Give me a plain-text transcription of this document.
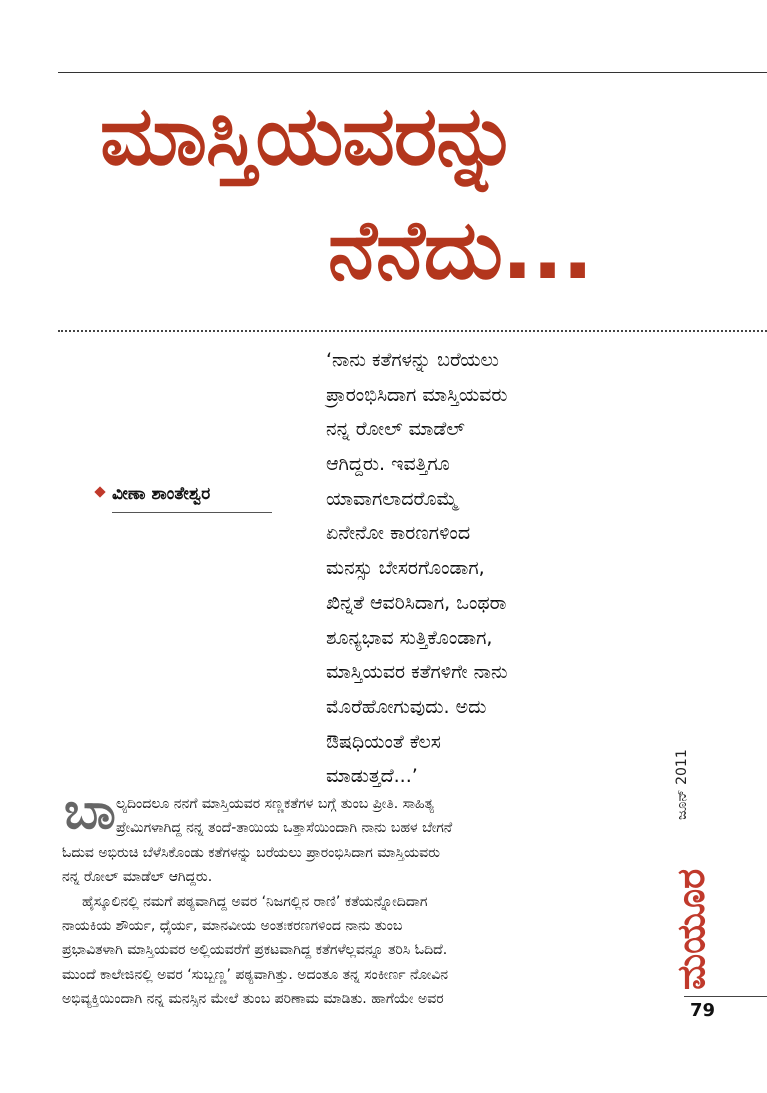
ಮಾಸ್ತಿಯವರನ್ನು
ನೆನೆದು...
ವೀಣಾ ಶಾಂತೇಶ್ವರ
‘ನಾನು ಕತೆಗಳನ್ನು ಬರೆಯಲು
ಪ್ರಾರಂಭಿಸಿದಾಗ ಮಾಸ್ತಿಯವರು
ನನ್ನ ರೋಲ್ ಮಾಡೆಲ್
ಆಗಿದ್ದರು. ಇವತ್ತಿಗೂ
ಯಾವಾಗಲಾದರೊಮ್ಮೆ
ಏನೇನೋ ಕಾರಣಗಳಿಂದ
ಮನಸ್ಸು ಬೇಸರಗೊಂಡಾಗ,
ಖಿನ್ನತೆ ಆವರಿಸಿದಾಗ, ಒಂಥರಾ
ಶೂನ್ಯಭಾವ ಸುತ್ತಿಕೊಂಡಾಗ,
ಮಾಸ್ತಿಯವರ ಕತೆಗಳಿಗೇ ನಾನು
ಮೊರೆಹೋಗುವುದು. ಅದು
ಔಷಧಿಯಂತೆ ಕೆಲಸ
ಮಾಡುತ್ತದೆ...’
ಬಾ ಲ್ಯದಿಂದಲೂ ನನಗೆ ಮಾಸ್ತಿಯವರ ಸಣ್ಣಕತೆಗಳ ಬಗ್ಗೆ ತುಂಬ ಪ್ರೀತಿ. ಸಾಹಿತ್ಯ
ಪ್ರೇಮಿಗಳಾಗಿದ್ದ ನನ್ನ ತಂದೆ-ತಾಯಿಯ ಒತ್ತಾಸೆಯಿಂದಾಗಿ ನಾನು ಬಹಳ ಬೇಗನೆ
ಓದುವ ಅಭಿರುಚಿ ಬೆಳೆಸಿಕೊಂಡು ಕತೆಗಳನ್ನು ಬರೆಯಲು ಪ್ರಾರಂಭಿಸಿದಾಗ ಮಾಸ್ತಿಯವರು
ನನ್ನ ರೋಲ್ ಮಾಡೆಲ್ ಆಗಿದ್ದರು.
ಹೈಸ್ಕೂಲಿನಲ್ಲಿ ನಮಗೆ ಪಠ್ಯವಾಗಿದ್ದ ಅವರ ‘ನಿಜಗಲ್ಲಿನ ರಾಣಿ’ ಕತೆಯನ್ನೋದಿದಾಗ
ನಾಯಕಿಯ ಶೌರ್ಯ, ಧೈರ್ಯ, ಮಾನವೀಯ ಅಂತಃಕರಣಗಳಿಂದ ನಾನು ತುಂಬ
ಪ್ರಭಾವಿತಳಾಗಿ ಮಾಸ್ತಿಯವರ ಅಲ್ಲಿಯವರೆಗೆ ಪ್ರಕಟವಾಗಿದ್ದ ಕತೆಗಳೆಲ್ಲವನ್ನೂ ತರಿಸಿ ಓದಿದೆ.
ಮುಂದೆ ಕಾಲೇಜಿನಲ್ಲಿ ಅವರ ‘ಸುಬ್ಬಣ್ಣ’ ಪಠ್ಯವಾಗಿತ್ತು. ಅದಂತೂ ತನ್ನ ಸಂಕೀರ್ಣ ನೋವಿನ
ಅಭಿವ್ಯಕ್ತಿಯಿಂದಾಗಿ ನನ್ನ ಮನಸ್ಸಿನ ಮೇಲೆ ತುಂಬ ಪರಿಣಾಮ ಮಾಡಿತು. ಹಾಗೆಯೇ ಅವರ
ಜೂನ್ 2011
ಮಯೂರ
79
